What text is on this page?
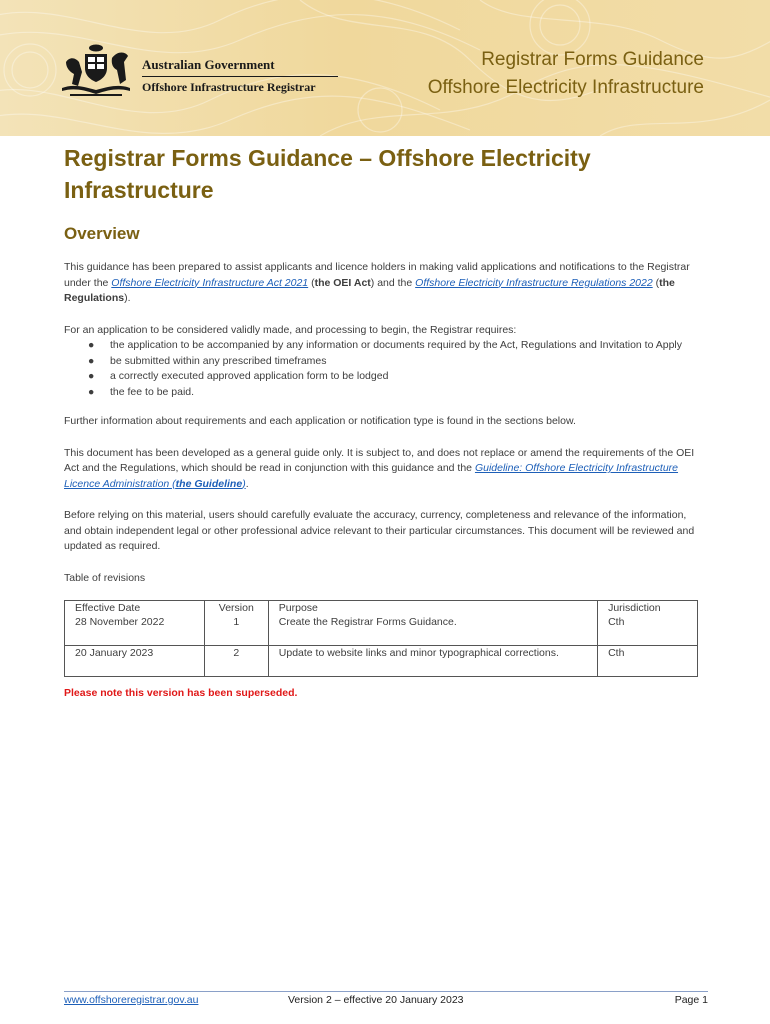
Australian Government
Offshore Infrastructure Registrar
Registrar Forms Guidance
Offshore Electricity Infrastructure
Registrar Forms Guidance – Offshore Electricity Infrastructure
Overview

This guidance has been prepared to assist applicants and licence holders in making valid applications and notifications to the Registrar under the Offshore Electricity Infrastructure Act 2021 (the OEI Act) and the Offshore Electricity Infrastructure Regulations 2022 (the Regulations).

For an application to be considered validly made, and processing to begin, the Registrar requires:

● the application to be accompanied by any information or documents required by the Act, Regulations and Invitation to Apply
● be submitted within any prescribed timeframes
● a correctly executed approved application form to be lodged
● the fee to be paid.

Further information about requirements and each application or notification type is found in the sections below.

This document has been developed as a general guide only. It is subject to, and does not replace or amend the requirements of the OEI Act and the Regulations, which should be read in conjunction with this guidance and the Guideline: Offshore Electricity Infrastructure Licence Administration (the Guideline).

Before relying on this material, users should carefully evaluate the accuracy, currency, completeness and relevance of the information, and obtain independent legal or other professional advice relevant to their particular circumstances. This document will be reviewed and updated as required.

Table of revisions

Effective Date	Version	Purpose	Jurisdiction
28 November 2022	1	Create the Registrar Forms Guidance.	Cth
20 January 2023	2	Update to website links and minor typographical corrections.	Cth
Please note this version has been superseded.
www.offshoreregistrar.gov.au	Version 2 – effective 20 January 2023	Page 1
